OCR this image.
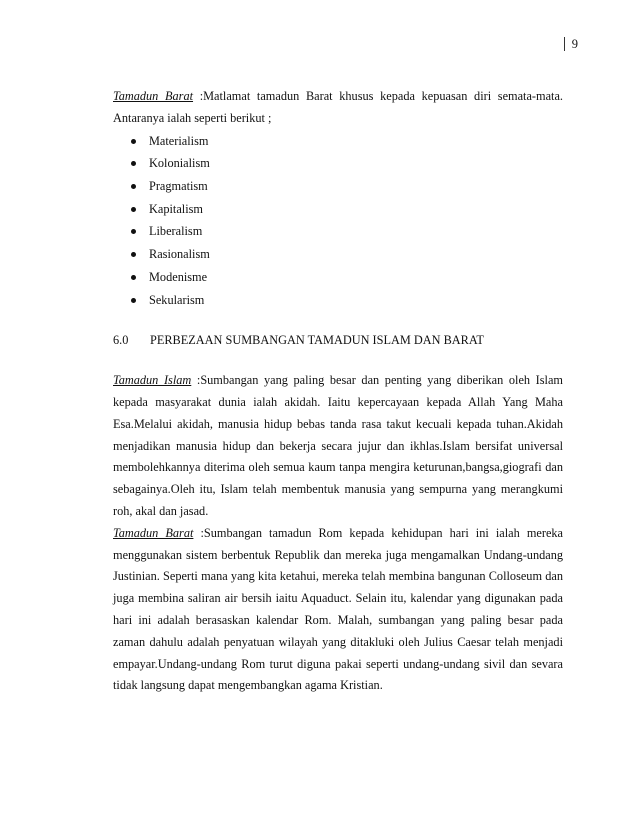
9

Tamadun Barat :Matlamat tamadun Barat khusus kepada kepuasan diri semata-mata. Antaranya ialah seperti berikut ;

Materialism
Kolonialism
Pragmatism
Kapitalism
Liberalism
Rasionalism
Modenisme
Sekularism
6.0	PERBEZAAN SUMBANGAN TAMADUN ISLAM DAN BARAT

Tamadun Islam :Sumbangan yang paling besar dan penting yang diberikan oleh Islam kepada masyarakat dunia ialah akidah. Iaitu kepercayaan kepada Allah Yang Maha Esa.Melalui akidah, manusia hidup bebas tanda rasa takut kecuali kepada tuhan.Akidah menjadikan manusia hidup dan bekerja secara jujur dan ikhlas.Islam bersifat universal membolehkannya diterima oleh semua kaum tanpa mengira keturunan,bangsa,giografi dan sebagainya.Oleh itu, Islam telah membentuk manusia yang sempurna yang merangkumi roh, akal dan jasad.

Tamadun Barat :Sumbangan tamadun Rom kepada kehidupan hari ini ialah mereka menggunakan sistem berbentuk Republik dan mereka juga mengamalkan Undang-undang Justinian. Seperti mana yang kita ketahui, mereka telah membina bangunan Colloseum dan juga membina saliran air bersih iaitu Aquaduct. Selain itu, kalendar yang digunakan pada hari ini adalah berasaskan kalendar Rom. Malah, sumbangan yang paling besar pada zaman dahulu adalah penyatuan wilayah yang ditakluki oleh Julius Caesar telah menjadi empayar.Undang-undang Rom turut diguna pakai seperti undang-undang sivil dan sevara tidak langsung dapat mengembangkan agama Kristian.
